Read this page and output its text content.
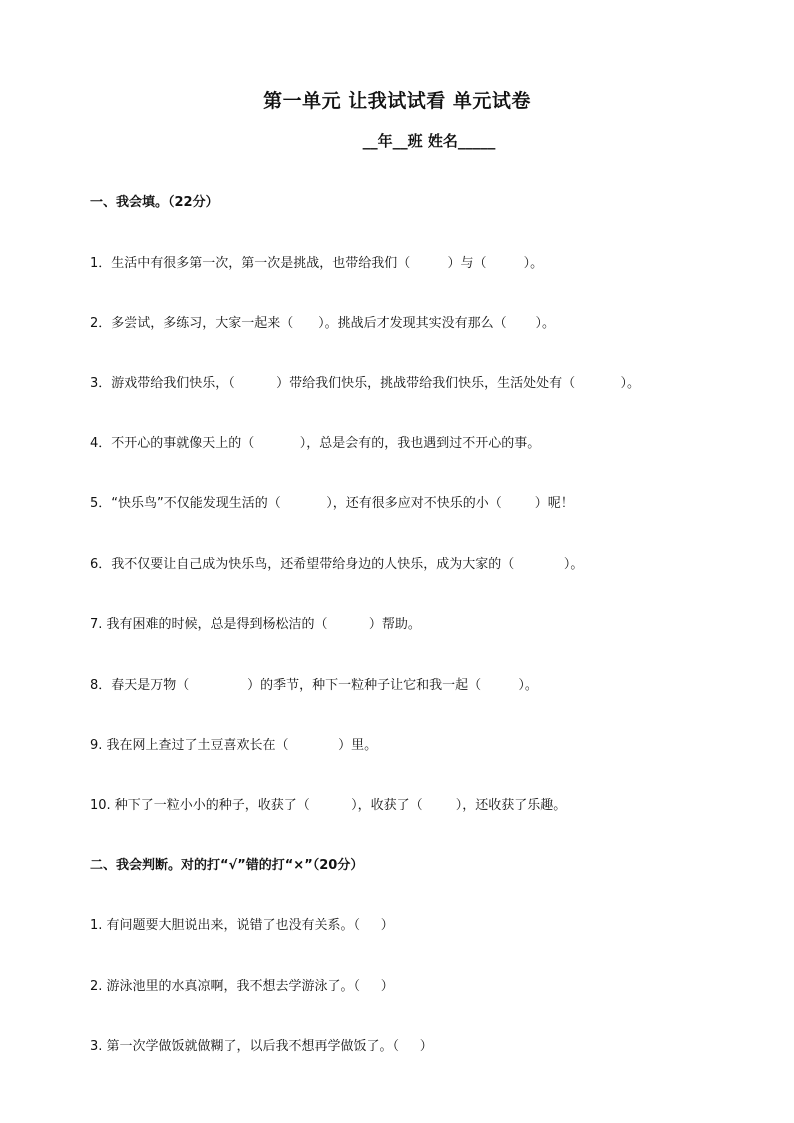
第一单元 让我试试看 单元试卷
__年__班 姓名_____
一、我会填。（22分）
1．生活中有很多第一次，第一次是挑战，也带给我们（         ）与（         ）。
2．多尝试，多练习，大家一起来（      ）。挑战后才发现其实没有那么（       ）。
3．游戏带给我们快乐，（          ）带给我们快乐，挑战带给我们快乐，生活处处有（           ）。
4．不开心的事就像天上的（           ），总是会有的，我也遇到过不开心的事。
5．“快乐鸟”不仅能发现生活的（           ），还有很多应对不快乐的小（        ）呢！
6．我不仅要让自己成为快乐鸟，还希望带给身边的人快乐，成为大家的（            ）。
7. 我有困难的时候，总是得到杨松洁的（          ）帮助。
8．春天是万物（              ）的季节，种下一粒种子让它和我一起（         ）。
9. 我在网上查过了土豆喜欢长在（            ）里。
10. 种下了一粒小小的种子，收获了（          ），收获了（        ），还收获了乐趣。
二、我会判断。对的打“√”错的打“×”（20分）
1. 有问题要大胆说出来，说错了也没有关系。（     ）
2. 游泳池里的水真凉啊，我不想去学游泳了。（     ）
3. 第一次学做饭就做糊了，以后我不想再学做饭了。（     ）
